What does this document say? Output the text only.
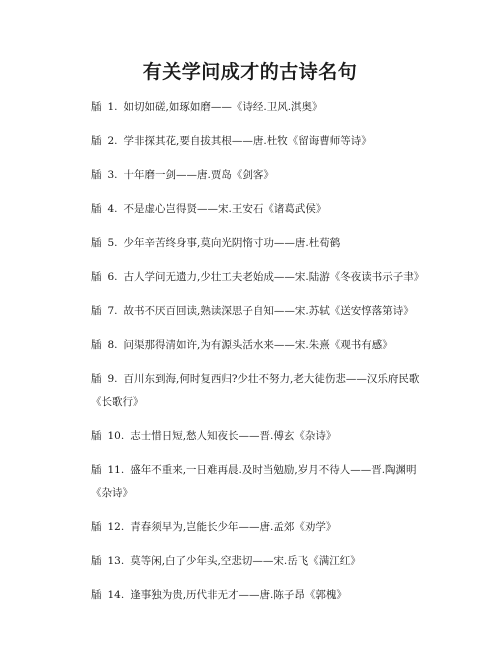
有关学问成才的古诗名句
牐 1. 如切如磋,如琢如磨——《诗经.卫风.淇奥》
牐 2. 学非探其花,要自拔其根——唐.杜牧《留诲曹师等诗》
牐 3. 十年磨一剑——唐.贾岛《剑客》
牐 4. 不是虚心岂得贤——宋.王安石《诸葛武侯》
牐 5. 少年辛苦终身事,莫向光阴惰寸功——唐.杜荀鹤
牐 6. 古人学问无遗力,少壮工夫老始成——宋.陆游《冬夜读书示子聿》
牐 7. 故书不厌百回读,熟读深思子自知——宋.苏轼《送安惇落第诗》
牐 8. 问渠那得清如许,为有源头活水来——宋.朱熹《观书有感》
牐 9. 百川东到海,何时复西归?少壮不努力,老大徒伤悲——汉乐府民歌《长歌行》
牐 10. 志士惜日短,愁人知夜长——晋.傅玄《杂诗》
牐 11. 盛年不重来,一日难再晨.及时当勉励,岁月不待人——晋.陶渊明《杂诗》
牐 12. 青春须早为,岂能长少年——唐.孟郊《劝学》
牐 13. 莫等闲,白了少年头,空悲切——宋.岳飞《满江红》
牐 14. 逢事独为贵,历代非无才——唐.陈子昂《郭槐》
